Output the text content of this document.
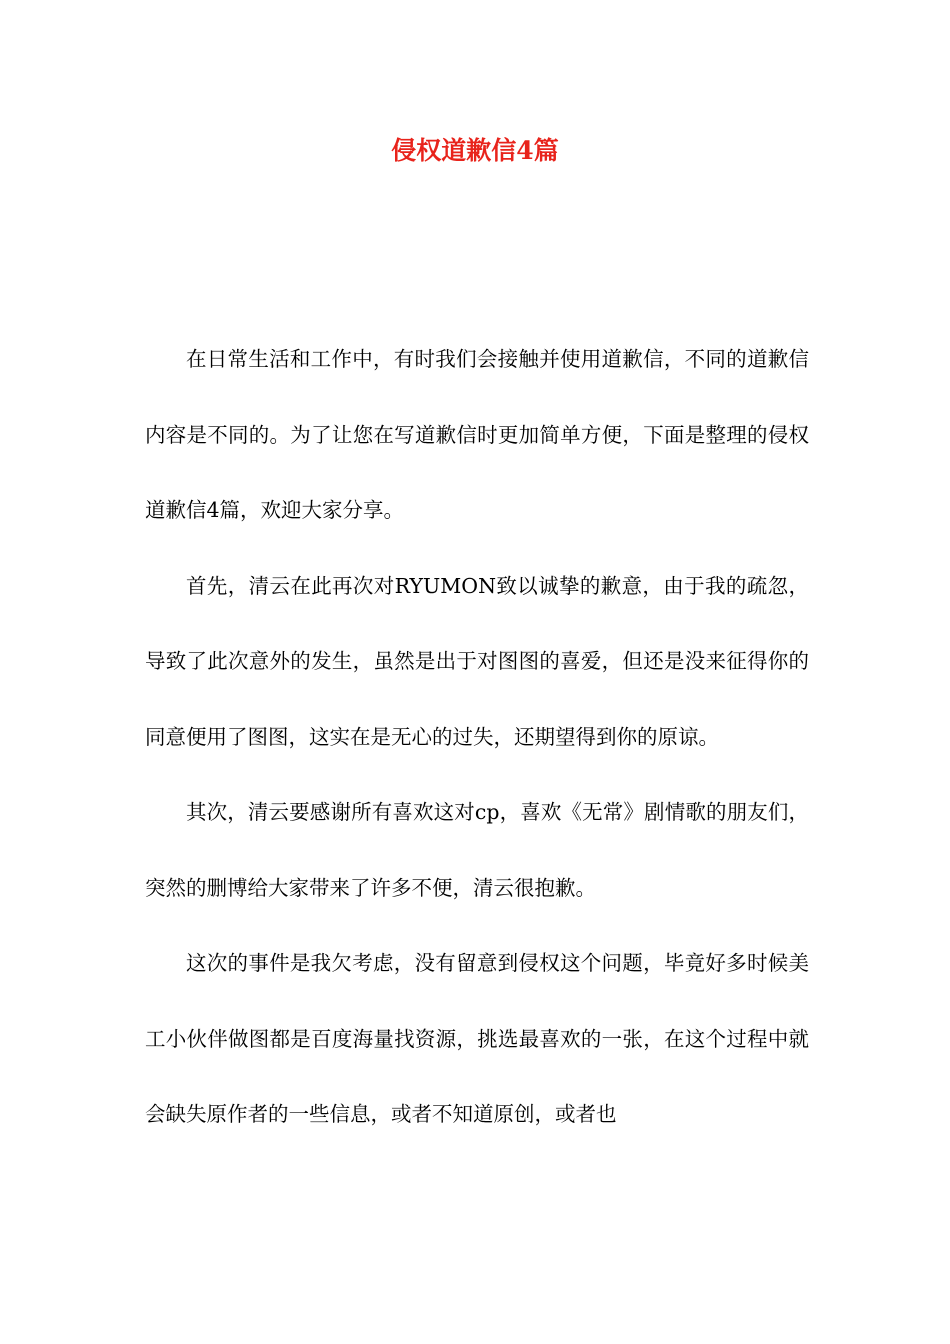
侵权道歉信4篇

在日常生活和工作中，有时我们会接触并使用道歉信，不同的道歉信内容是不同的。为了让您在写道歉信时更加简单方便，下面是整理的侵权道歉信4篇，欢迎大家分享。

首先，清云在此再次对RYUMON致以诚挚的歉意，由于我的疏忽，导致了此次意外的发生，虽然是出于对图图的喜爱，但还是没来征得你的同意便用了图图，这实在是无心的过失，还期望得到你的原谅。

其次，清云要感谢所有喜欢这对cp，喜欢《无常》剧情歌的朋友们，突然的删博给大家带来了许多不便，清云很抱歉。

这次的事件是我欠考虑，没有留意到侵权这个问题，毕竟好多时候美工小伙伴做图都是百度海量找资源，挑选最喜欢的一张，在这个过程中就会缺失原作者的一些信息，或者不知道原创，或者也
